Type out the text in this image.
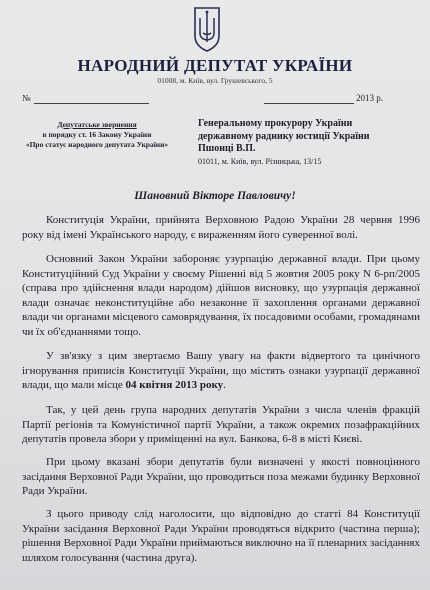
НАРОДНИЙ ДЕПУТАТ УКРАЇНИ
01008, м. Київ, вул. Грушевського, 5
№	2013 р.
Депутатське звернення
в порядку ст. 16 Закону України
«Про статус народного депутата України»
Генеральному прокурору України
державному раднику юстиції України
Пшонці В.П.
01011, м. Київ, вул. Різницька, 13/15
Шановний Вікторе Павловичу!

Конституція України, прийнята Верховною Радою України 28 червня 1996 року від імені Українського народу, є вираженням його суверенної волі.

Основний Закон України забороняє узурпацію державної влади. При цьому Конституційний Суд України у своєму Рішенні від 5 жовтня 2005 року N 6-рп/2005 (справа про здійснення влади народом) дійшов висновку, що узурпація державної влади означає неконституційне або незаконне її захоплення органами державної влади чи органами місцевого самоврядування, їх посадовими особами, громадянами чи їх об'єднаннями тощо.

У зв'язку з цим звертаємо Вашу увагу на факти відвертого та цинічного ігнорування приписів Конституції України, що містять ознаки узурпації державної влади, що мали місце 04 квітня 2013 року.

Так, у цей день група народних депутатів України з числа членів фракцій Партії регіонів та Комуністичної партії України, а також окремих позафракційних депутатів провела збори у приміщенні на вул. Банкова, 6-8 в місті Києві.

При цьому вказані збори депутатів були визначені у якості повноцінного засідання Верховної Ради України, що проводиться поза межами будинку Верховної Ради України.

З цього приводу слід наголосити, що відповідно до статті 84 Конституції України засідання Верховної Ради України проводяться відкрито (частина перша); рішення Верховної Ради України приймаються виключно на її пленарних засіданнях шляхом голосування (частина друга).
